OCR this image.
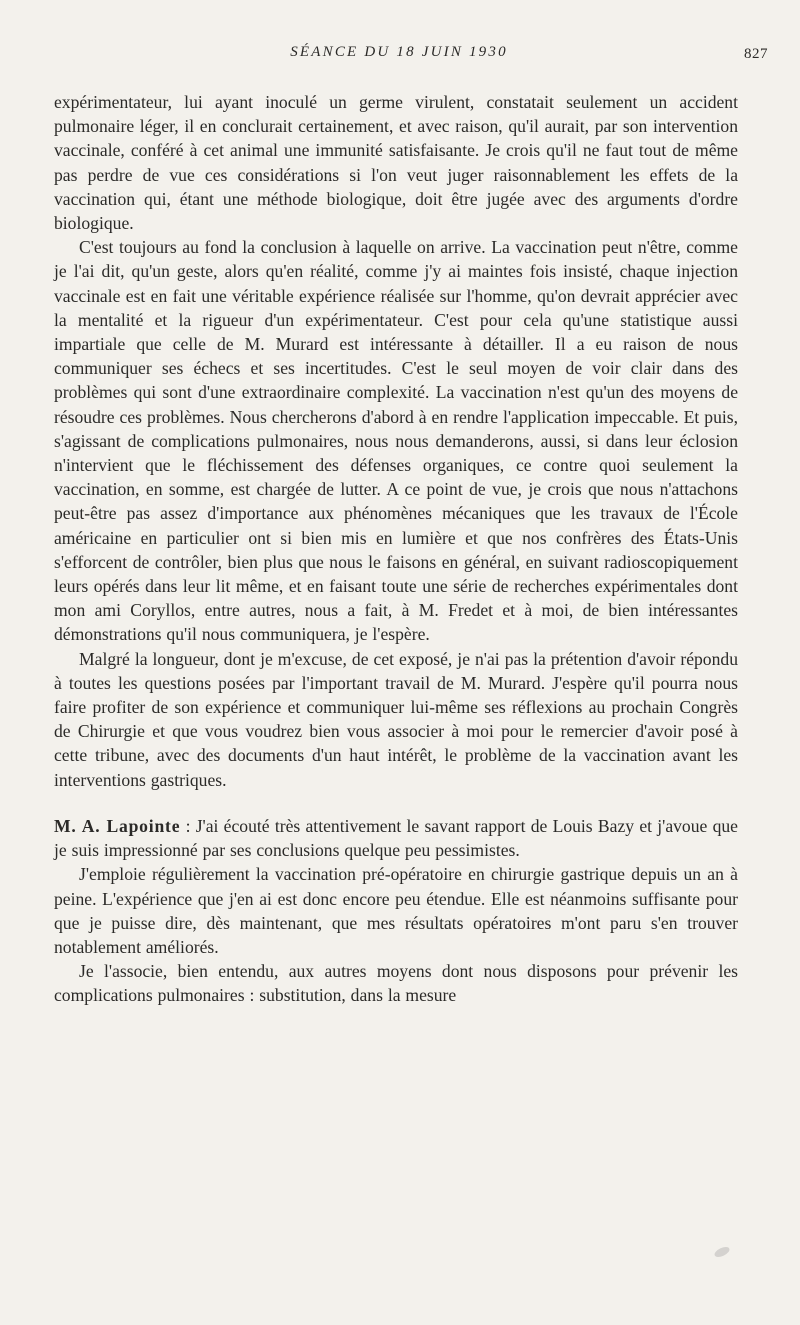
SÉANCE DU 18 JUIN 1930	827

expérimentateur, lui ayant inoculé un germe virulent, constatait seulement un accident pulmonaire léger, il en conclurait certainement, et avec raison, qu'il aurait, par son intervention vaccinale, conféré à cet animal une immunité satisfaisante. Je crois qu'il ne faut tout de même pas perdre de vue ces considérations si l'on veut juger raisonnablement les effets de la vaccination qui, étant une méthode biologique, doit être jugée avec des arguments d'ordre biologique.

C'est toujours au fond la conclusion à laquelle on arrive. La vaccination peut n'être, comme je l'ai dit, qu'un geste, alors qu'en réalité, comme j'y ai maintes fois insisté, chaque injection vaccinale est en fait une véritable expérience réalisée sur l'homme, qu'on devrait apprécier avec la mentalité et la rigueur d'un expérimentateur. C'est pour cela qu'une statistique aussi impartiale que celle de M. Murard est intéressante à détailler. Il a eu raison de nous communiquer ses échecs et ses incertitudes. C'est le seul moyen de voir clair dans des problèmes qui sont d'une extraordinaire complexité. La vaccination n'est qu'un des moyens de résoudre ces problèmes. Nous chercherons d'abord à en rendre l'application impeccable. Et puis, s'agissant de complications pulmonaires, nous nous demanderons, aussi, si dans leur éclosion n'intervient que le fléchissement des défenses organiques, ce contre quoi seulement la vaccination, en somme, est chargée de lutter. A ce point de vue, je crois que nous n'attachons peut-être pas assez d'importance aux phénomènes mécaniques que les travaux de l'École américaine en particulier ont si bien mis en lumière et que nos confrères des États-Unis s'efforcent de contrôler, bien plus que nous le faisons en général, en suivant radioscopiquement leurs opérés dans leur lit même, et en faisant toute une série de recherches expérimentales dont mon ami Coryllos, entre autres, nous a fait, à M. Fredet et à moi, de bien intéressantes démonstrations qu'il nous communiquera, je l'espère.

Malgré la longueur, dont je m'excuse, de cet exposé, je n'ai pas la prétention d'avoir répondu à toutes les questions posées par l'important travail de M. Murard. J'espère qu'il pourra nous faire profiter de son expérience et communiquer lui-même ses réflexions au prochain Congrès de Chirurgie et que vous voudrez bien vous associer à moi pour le remercier d'avoir posé à cette tribune, avec des documents d'un haut intérêt, le problème de la vaccination avant les interventions gastriques.

M. A. Lapointe : J'ai écouté très attentivement le savant rapport de Louis Bazy et j'avoue que je suis impressionné par ses conclusions quelque peu pessimistes.

J'emploie régulièrement la vaccination pré-opératoire en chirurgie gastrique depuis un an à peine. L'expérience que j'en ai est donc encore peu étendue. Elle est néanmoins suffisante pour que je puisse dire, dès maintenant, que mes résultats opératoires m'ont paru s'en trouver notablement améliorés.

Je l'associe, bien entendu, aux autres moyens dont nous disposons pour prévenir les complications pulmonaires : substitution, dans la mesure
